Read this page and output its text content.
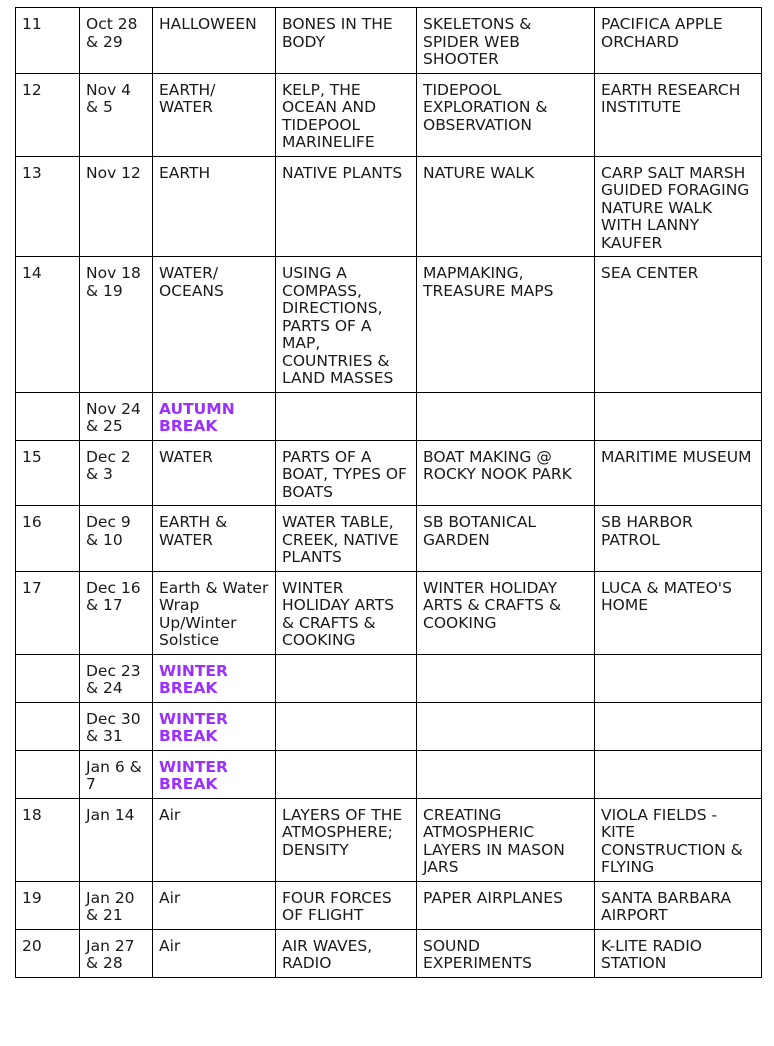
11	Oct 28 & 29	HALLOWEEN	BONES IN THE BODY	SKELETONS & SPIDER WEB SHOOTER	PACIFICA APPLE ORCHARD
12	Nov 4 & 5	EARTH/ WATER	KELP, THE OCEAN AND TIDEPOOL MARINELIFE	TIDEPOOL EXPLORATION & OBSERVATION	EARTH RESEARCH INSTITUTE
13	Nov 12	EARTH	NATIVE PLANTS	NATURE WALK	CARP SALT MARSH GUIDED FORAGING NATURE WALK WITH LANNY KAUFER
14	Nov 18 & 19	WATER/ OCEANS	USING A COMPASS, DIRECTIONS, PARTS OF A MAP, COUNTRIES & LAND MASSES	MAPMAKING, TREASURE MAPS	SEA CENTER
	Nov 24 & 25	AUTUMN BREAK			
15	Dec 2 & 3	WATER	PARTS OF A BOAT, TYPES OF BOATS	BOAT MAKING @ ROCKY NOOK PARK	MARITIME MUSEUM
16	Dec 9 & 10	EARTH & WATER	WATER TABLE, CREEK, NATIVE PLANTS	SB BOTANICAL GARDEN	SB HARBOR PATROL
17	Dec 16 & 17	Earth & Water Wrap Up/Winter Solstice	WINTER HOLIDAY ARTS & CRAFTS & COOKING	WINTER HOLIDAY ARTS & CRAFTS & COOKING	LUCA & MATEO'S HOME
	Dec 23 & 24	WINTER BREAK			
	Dec 30 & 31	WINTER BREAK			
	Jan 6 & 7	WINTER BREAK			
18	Jan 14	Air	LAYERS OF THE ATMOSPHERE; DENSITY	CREATING ATMOSPHERIC LAYERS IN MASON JARS	VIOLA FIELDS - KITE CONSTRUCTION & FLYING
19	Jan 20 & 21	Air	FOUR FORCES OF FLIGHT	PAPER AIRPLANES	SANTA BARBARA AIRPORT
20	Jan 27 & 28	Air	AIR WAVES, RADIO	SOUND EXPERIMENTS	K-LITE RADIO STATION
